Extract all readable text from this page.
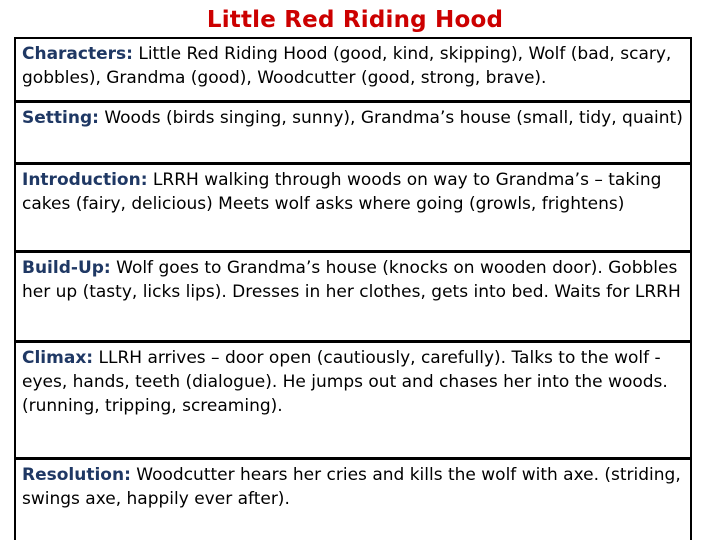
Little Red Riding Hood
Characters: Little Red Riding Hood (good, kind, skipping), Wolf (bad, scary, gobbles), Grandma (good), Woodcutter (good, strong, brave).
Setting: Woods (birds singing, sunny), Grandma’s house (small, tidy, quaint)
Introduction: LRRH walking through woods on way to Grandma’s – taking cakes (fairy, delicious) Meets wolf asks where going (growls, frightens)
Build-Up: Wolf goes to Grandma’s house (knocks on wooden door). Gobbles her up (tasty, licks lips). Dresses in her clothes, gets into bed. Waits for LRRH
Climax: LLRH arrives – door open (cautiously, carefully). Talks to the wolf - eyes, hands, teeth (dialogue). He jumps out and chases her into the woods. (running, tripping, screaming).
Resolution: Woodcutter hears her cries and kills the wolf with axe. (striding, swings axe, happily ever after).
